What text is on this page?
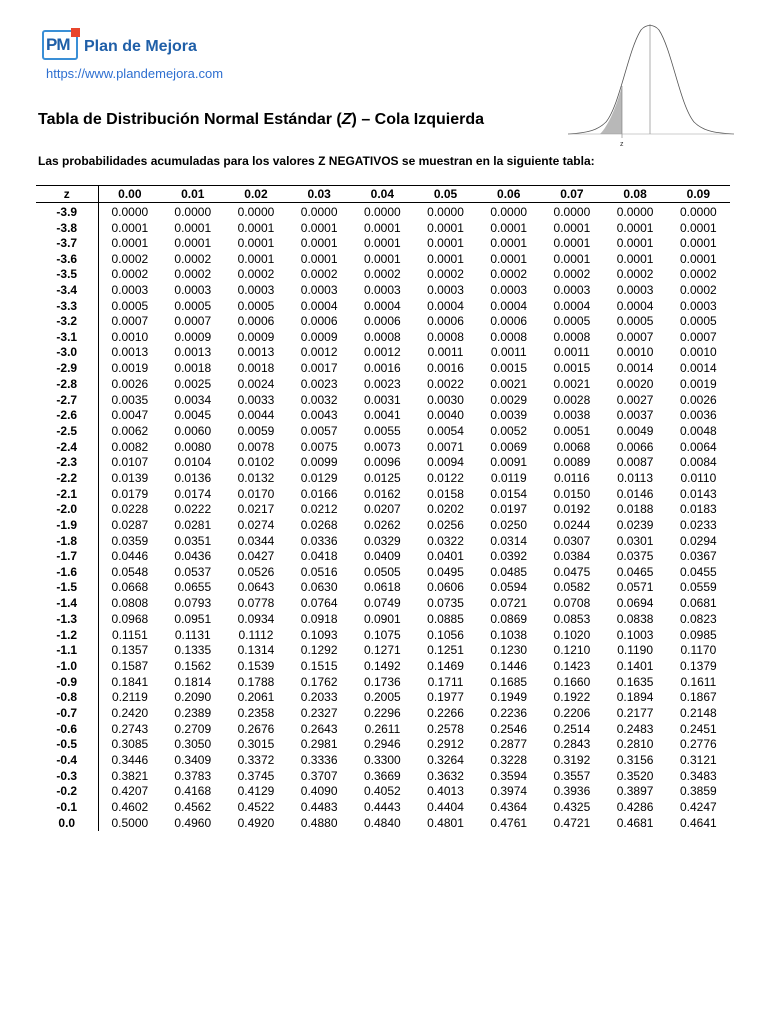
PM Plan de Mejora
https://www.plandemejora.com
Tabla de Distribución Normal Estándar (Z) – Cola Izquierda
z
Las probabilidades acumuladas para los valores Z NEGATIVOS se muestran en la siguiente tabla:
z	0.00	0.01	0.02	0.03	0.04	0.05	0.06	0.07	0.08	0.09
-3.9	0.0000	0.0000	0.0000	0.0000	0.0000	0.0000	0.0000	0.0000	0.0000	0.0000
-3.8	0.0001	0.0001	0.0001	0.0001	0.0001	0.0001	0.0001	0.0001	0.0001	0.0001
-3.7	0.0001	0.0001	0.0001	0.0001	0.0001	0.0001	0.0001	0.0001	0.0001	0.0001
-3.6	0.0002	0.0002	0.0001	0.0001	0.0001	0.0001	0.0001	0.0001	0.0001	0.0001
-3.5	0.0002	0.0002	0.0002	0.0002	0.0002	0.0002	0.0002	0.0002	0.0002	0.0002
-3.4	0.0003	0.0003	0.0003	0.0003	0.0003	0.0003	0.0003	0.0003	0.0003	0.0002
-3.3	0.0005	0.0005	0.0005	0.0004	0.0004	0.0004	0.0004	0.0004	0.0004	0.0003
-3.2	0.0007	0.0007	0.0006	0.0006	0.0006	0.0006	0.0006	0.0005	0.0005	0.0005
-3.1	0.0010	0.0009	0.0009	0.0009	0.0008	0.0008	0.0008	0.0008	0.0007	0.0007
-3.0	0.0013	0.0013	0.0013	0.0012	0.0012	0.0011	0.0011	0.0011	0.0010	0.0010
-2.9	0.0019	0.0018	0.0018	0.0017	0.0016	0.0016	0.0015	0.0015	0.0014	0.0014
-2.8	0.0026	0.0025	0.0024	0.0023	0.0023	0.0022	0.0021	0.0021	0.0020	0.0019
-2.7	0.0035	0.0034	0.0033	0.0032	0.0031	0.0030	0.0029	0.0028	0.0027	0.0026
-2.6	0.0047	0.0045	0.0044	0.0043	0.0041	0.0040	0.0039	0.0038	0.0037	0.0036
-2.5	0.0062	0.0060	0.0059	0.0057	0.0055	0.0054	0.0052	0.0051	0.0049	0.0048
-2.4	0.0082	0.0080	0.0078	0.0075	0.0073	0.0071	0.0069	0.0068	0.0066	0.0064
-2.3	0.0107	0.0104	0.0102	0.0099	0.0096	0.0094	0.0091	0.0089	0.0087	0.0084
-2.2	0.0139	0.0136	0.0132	0.0129	0.0125	0.0122	0.0119	0.0116	0.0113	0.0110
-2.1	0.0179	0.0174	0.0170	0.0166	0.0162	0.0158	0.0154	0.0150	0.0146	0.0143
-2.0	0.0228	0.0222	0.0217	0.0212	0.0207	0.0202	0.0197	0.0192	0.0188	0.0183
-1.9	0.0287	0.0281	0.0274	0.0268	0.0262	0.0256	0.0250	0.0244	0.0239	0.0233
-1.8	0.0359	0.0351	0.0344	0.0336	0.0329	0.0322	0.0314	0.0307	0.0301	0.0294
-1.7	0.0446	0.0436	0.0427	0.0418	0.0409	0.0401	0.0392	0.0384	0.0375	0.0367
-1.6	0.0548	0.0537	0.0526	0.0516	0.0505	0.0495	0.0485	0.0475	0.0465	0.0455
-1.5	0.0668	0.0655	0.0643	0.0630	0.0618	0.0606	0.0594	0.0582	0.0571	0.0559
-1.4	0.0808	0.0793	0.0778	0.0764	0.0749	0.0735	0.0721	0.0708	0.0694	0.0681
-1.3	0.0968	0.0951	0.0934	0.0918	0.0901	0.0885	0.0869	0.0853	0.0838	0.0823
-1.2	0.1151	0.1131	0.1112	0.1093	0.1075	0.1056	0.1038	0.1020	0.1003	0.0985
-1.1	0.1357	0.1335	0.1314	0.1292	0.1271	0.1251	0.1230	0.1210	0.1190	0.1170
-1.0	0.1587	0.1562	0.1539	0.1515	0.1492	0.1469	0.1446	0.1423	0.1401	0.1379
-0.9	0.1841	0.1814	0.1788	0.1762	0.1736	0.1711	0.1685	0.1660	0.1635	0.1611
-0.8	0.2119	0.2090	0.2061	0.2033	0.2005	0.1977	0.1949	0.1922	0.1894	0.1867
-0.7	0.2420	0.2389	0.2358	0.2327	0.2296	0.2266	0.2236	0.2206	0.2177	0.2148
-0.6	0.2743	0.2709	0.2676	0.2643	0.2611	0.2578	0.2546	0.2514	0.2483	0.2451
-0.5	0.3085	0.3050	0.3015	0.2981	0.2946	0.2912	0.2877	0.2843	0.2810	0.2776
-0.4	0.3446	0.3409	0.3372	0.3336	0.3300	0.3264	0.3228	0.3192	0.3156	0.3121
-0.3	0.3821	0.3783	0.3745	0.3707	0.3669	0.3632	0.3594	0.3557	0.3520	0.3483
-0.2	0.4207	0.4168	0.4129	0.4090	0.4052	0.4013	0.3974	0.3936	0.3897	0.3859
-0.1	0.4602	0.4562	0.4522	0.4483	0.4443	0.4404	0.4364	0.4325	0.4286	0.4247
0.0	0.5000	0.4960	0.4920	0.4880	0.4840	0.4801	0.4761	0.4721	0.4681	0.4641
